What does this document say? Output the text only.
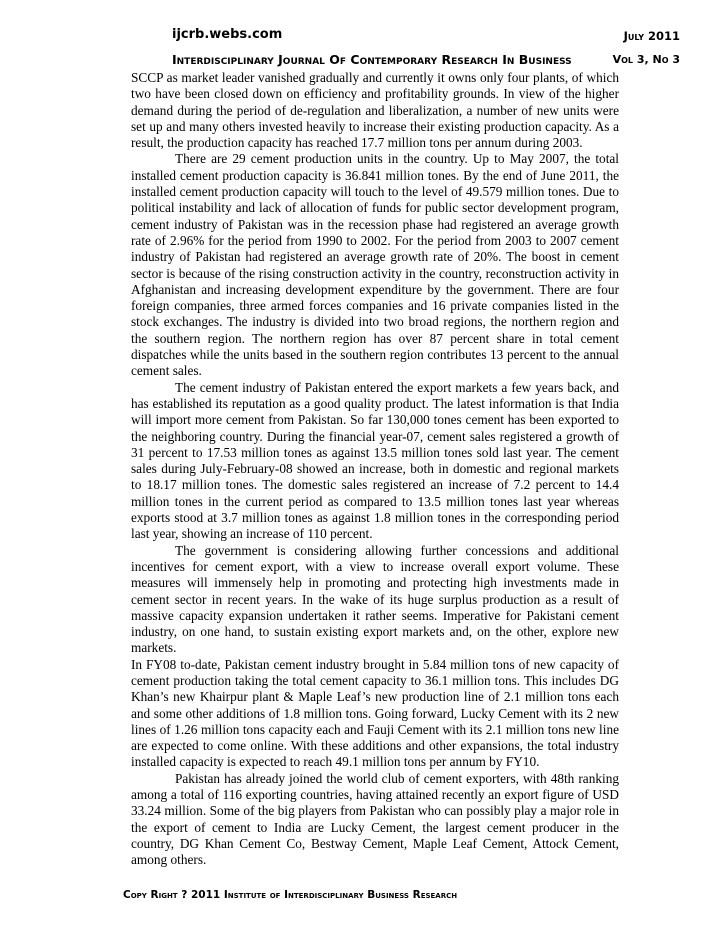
ijcrb.webs.com
Interdisciplinary Journal Of Contemporary Research In Business
July 2011
Vol 3, No 3

SCCP as market leader vanished gradually and currently it owns only four plants, of which two have been closed down on efficiency and profitability grounds. In view of the higher demand during the period of de-regulation and liberalization, a number of new units were set up and many others invested heavily to increase their existing production capacity. As a result, the production capacity has reached 17.7 million tons per annum during 2003.

There are 29 cement production units in the country. Up to May 2007, the total installed cement production capacity is 36.841 million tones. By the end of June 2011, the installed cement production capacity will touch to the level of 49.579 million tones. Due to political instability and lack of allocation of funds for public sector development program, cement industry of Pakistan was in the recession phase had registered an average growth rate of 2.96% for the period from 1990 to 2002. For the period from 2003 to 2007 cement industry of Pakistan had registered an average growth rate of 20%. The boost in cement sector is because of the rising construction activity in the country, reconstruction activity in Afghanistan and increasing development expenditure by the government. There are four foreign companies, three armed forces companies and 16 private companies listed in the stock exchanges. The industry is divided into two broad regions, the northern region and the southern region. The northern region has over 87 percent share in total cement dispatches while the units based in the southern region contributes 13 percent to the annual cement sales.

The cement industry of Pakistan entered the export markets a few years back, and has established its reputation as a good quality product. The latest information is that India will import more cement from Pakistan. So far 130,000 tones cement has been exported to the neighboring country. During the financial year-07, cement sales registered a growth of 31 percent to 17.53 million tones as against 13.5 million tones sold last year. The cement sales during July-February-08 showed an increase, both in domestic and regional markets to 18.17 million tones. The domestic sales registered an increase of 7.2 percent to 14.4 million tones in the current period as compared to 13.5 million tones last year whereas exports stood at 3.7 million tones as against 1.8 million tones in the corresponding period last year, showing an increase of 110 percent.

The government is considering allowing further concessions and additional incentives for cement export, with a view to increase overall export volume. These measures will immensely help in promoting and protecting high investments made in cement sector in recent years. In the wake of its huge surplus production as a result of massive capacity expansion undertaken it rather seems. Imperative for Pakistani cement industry, on one hand, to sustain existing export markets and, on the other, explore new markets.

In FY08 to-date, Pakistan cement industry brought in 5.84 million tons of new capacity of cement production taking the total cement capacity to 36.1 million tons. This includes DG Khan’s new Khairpur plant & Maple Leaf’s new production line of 2.1 million tons each and some other additions of 1.8 million tons. Going forward, Lucky Cement with its 2 new lines of 1.26 million tons capacity each and Fauji Cement with its 2.1 million tons new line are expected to come online. With these additions and other expansions, the total industry installed capacity is expected to reach 49.1 million tons per annum by FY10.

Pakistan has already joined the world club of cement exporters, with 48th ranking among a total of 116 exporting countries, having attained recently an export figure of USD 33.24 million. Some of the big players from Pakistan who can possibly play a major role in the export of cement to India are Lucky Cement, the largest cement producer in the country, DG Khan Cement Co, Bestway Cement, Maple Leaf Cement, Attock Cement, among others.

Copy Right ? 2011 Institute of Interdisciplinary Business Research
